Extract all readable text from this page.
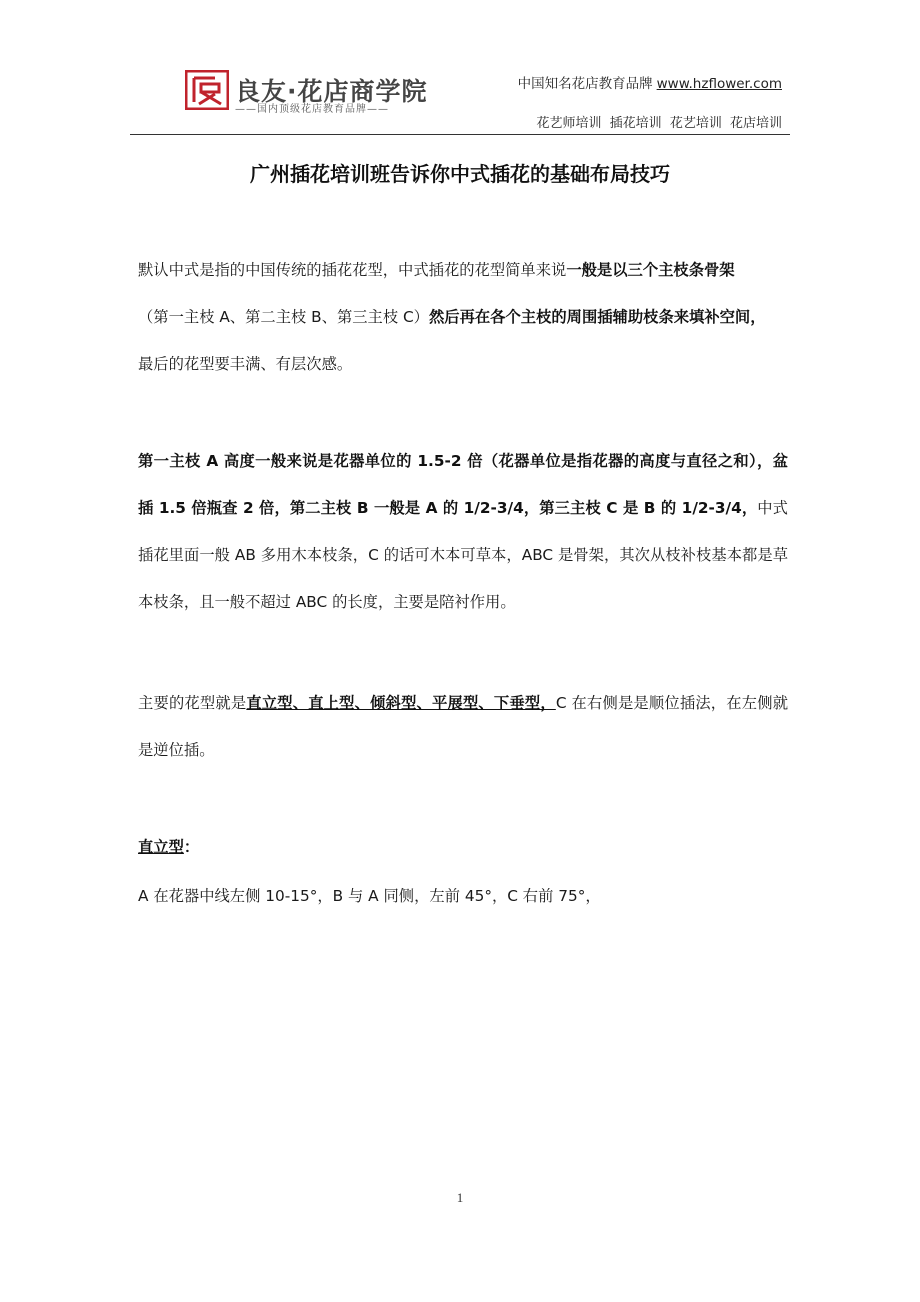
良友·花店商学院
——国内顶级花店教育品牌——
中国知名花店教育品牌 www.hzflower.com
花艺师培训 插花培训 花艺培训 花店培训
广州插花培训班告诉你中式插花的基础布局技巧
默认中式是指的中国传统的插花花型，中式插花的花型简单来说一般是以三个主枝条骨架
（第一主枝 A、第二主枝 B、第三主枝 C）然后再在各个主枝的周围插辅助枝条来填补空间，
最后的花型要丰满、有层次感。
第一主枝 A 高度一般来说是花器单位的 1.5-2 倍（花器单位是指花器的高度与直径之和），盆插 1.5 倍瓶查 2 倍，第二主枝 B 一般是 A 的 1/2-3/4，第三主枝 C 是 B 的 1/2-3/4，中式插花里面一般 AB 多用木本枝条，C 的话可木本可草本，ABC 是骨架，其次从枝补枝基本都是草本枝条，且一般不超过 ABC 的长度，主要是陪衬作用。
主要的花型就是直立型、直上型、倾斜型、平展型、下垂型，C 在右侧是是顺位插法，在左侧就是逆位插。
直立型：
A 在花器中线左侧 10-15°，B 与 A 同侧，左前 45°，C 右前 75°，
1
